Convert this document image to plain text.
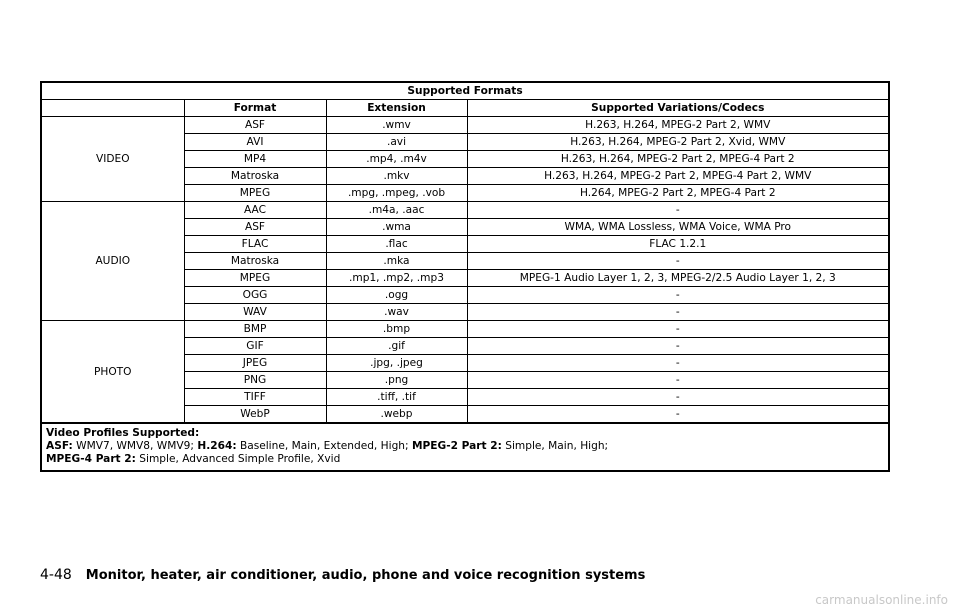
Supported Formats			
	Format	Extension	Supported Variations/Codecs
VIDEO	ASF	.wmv	H.263, H.264, MPEG-2 Part 2, WMV
	AVI	.avi	H.263, H.264, MPEG-2 Part 2, Xvid, WMV
	MP4	.mp4, .m4v	H.263, H.264, MPEG-2 Part 2, MPEG-4 Part 2
	Matroska	.mkv	H.263, H.264, MPEG-2 Part 2, MPEG-4 Part 2, WMV
	MPEG	.mpg, .mpeg, .vob	H.264, MPEG-2 Part 2, MPEG-4 Part 2
AUDIO	AAC	.m4a, .aac	-
	ASF	.wma	WMA, WMA Lossless, WMA Voice, WMA Pro
	FLAC	.flac	FLAC 1.2.1
	Matroska	.mka	-
	MPEG	.mp1, .mp2, .mp3	MPEG-1 Audio Layer 1, 2, 3, MPEG-2/2.5 Audio Layer 1, 2, 3
	OGG	.ogg	-
	WAV	.wav	-
PHOTO	BMP	.bmp	-
	GIF	.gif	-
	JPEG	.jpg, .jpeg	-
	PNG	.png	-
	TIFF	.tiff, .tif	-
	WebP	.webp	-
Video Profiles Supported:
ASF: WMV7, WMV8, WMV9; H.264: Baseline, Main, Extended, High; MPEG-2 Part 2: Simple, Main, High;
MPEG-4 Part 2: Simple, Advanced Simple Profile, Xvid			
4-48 Monitor, heater, air conditioner, audio, phone and voice recognition systems
carmanualsonline.info
